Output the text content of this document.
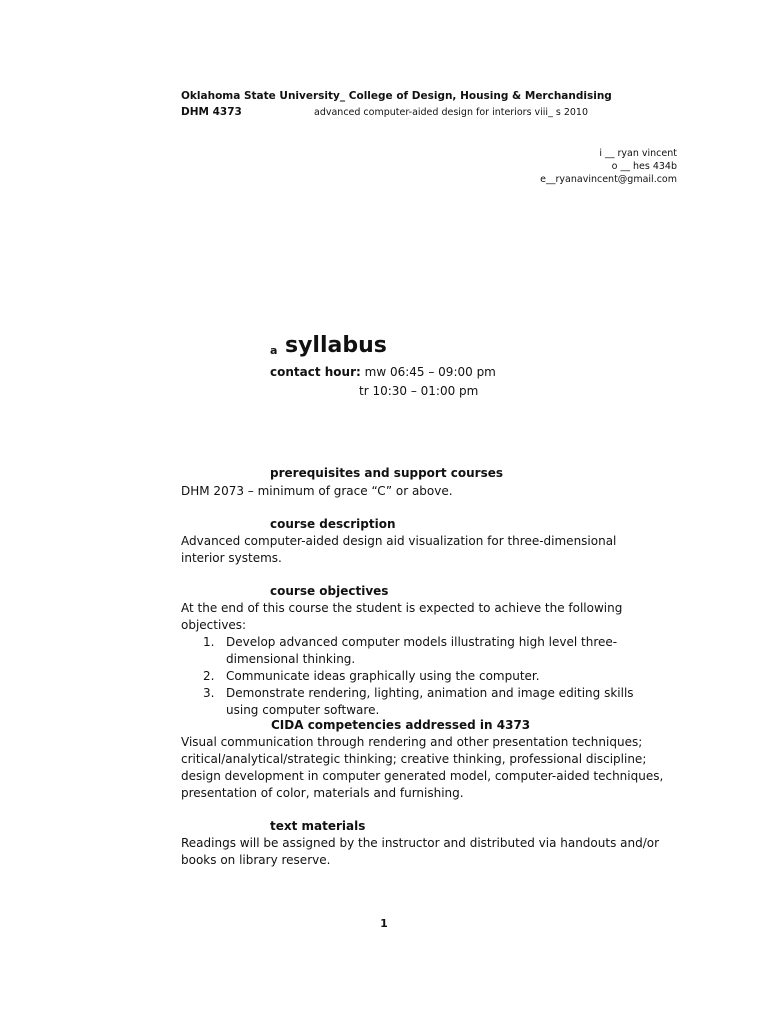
Oklahoma State University_ College of Design, Housing & Merchandising
DHM 4373	advanced computer-aided design for interiors viii_ s 2010
i __ ryan vincent
o __ hes 434b
e__ryanavincent@gmail.com
a syllabus
contact hour: mw 06:45 – 09:00 pm
tr 10:30 – 01:00 pm
prerequisites and support courses
DHM 2073 – minimum of grace “C” or above.
course description
Advanced computer-aided design aid visualization for three-dimensional interior systems.
course objectives

At the end of this course the student is expected to achieve the following objectives:

1. Develop advanced computer models illustrating high level three-dimensional thinking.
2. Communicate ideas graphically using the computer.
3. Demonstrate rendering, lighting, animation and image editing skills using computer software.
CIDA competencies addressed in 4373
Visual communication through rendering and other presentation techniques; critical/analytical/strategic thinking; creative thinking, professional discipline; design development in computer generated model, computer-aided techniques, presentation of color, materials and furnishing.
text materials
Readings will be assigned by the instructor and distributed via handouts and/or books on library reserve.
1
